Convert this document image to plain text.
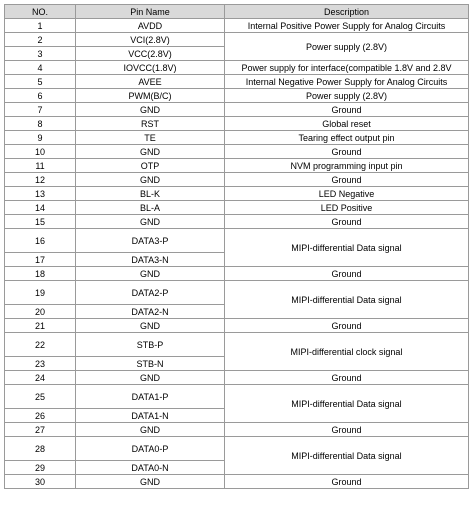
NO.	Pin Name	Description
1	AVDD	Internal Positive Power Supply for Analog Circuits
2	VCI(2.8V)	Power supply (2.8V)
3	VCC(2.8V)	
4	IOVCC(1.8V)	Power supply for interface(compatible 1.8V and 2.8V
5	AVEE	Internal Negative Power Supply for Analog Circuits
6	PWM(B/C)	Power supply (2.8V)
7	GND	Ground
8	RST	Global reset
9	TE	Tearing effect output pin
10	GND	Ground
11	OTP	NVM programming input pin
12	GND	Ground
13	BL-K	LED Negative
14	BL-A	LED Positive
15	GND	Ground
16	DATA3-P	MIPI-differential Data signal
17	DATA3-N	
18	GND	Ground
19	DATA2-P	MIPI-differential Data signal
20	DATA2-N	
21	GND	Ground
22	STB-P	MIPI-differential clock signal
23	STB-N	
24	GND	Ground
25	DATA1-P	MIPI-differential Data signal
26	DATA1-N	
27	GND	Ground
28	DATA0-P	MIPI-differential Data signal
29	DATA0-N	
30	GND	Ground
